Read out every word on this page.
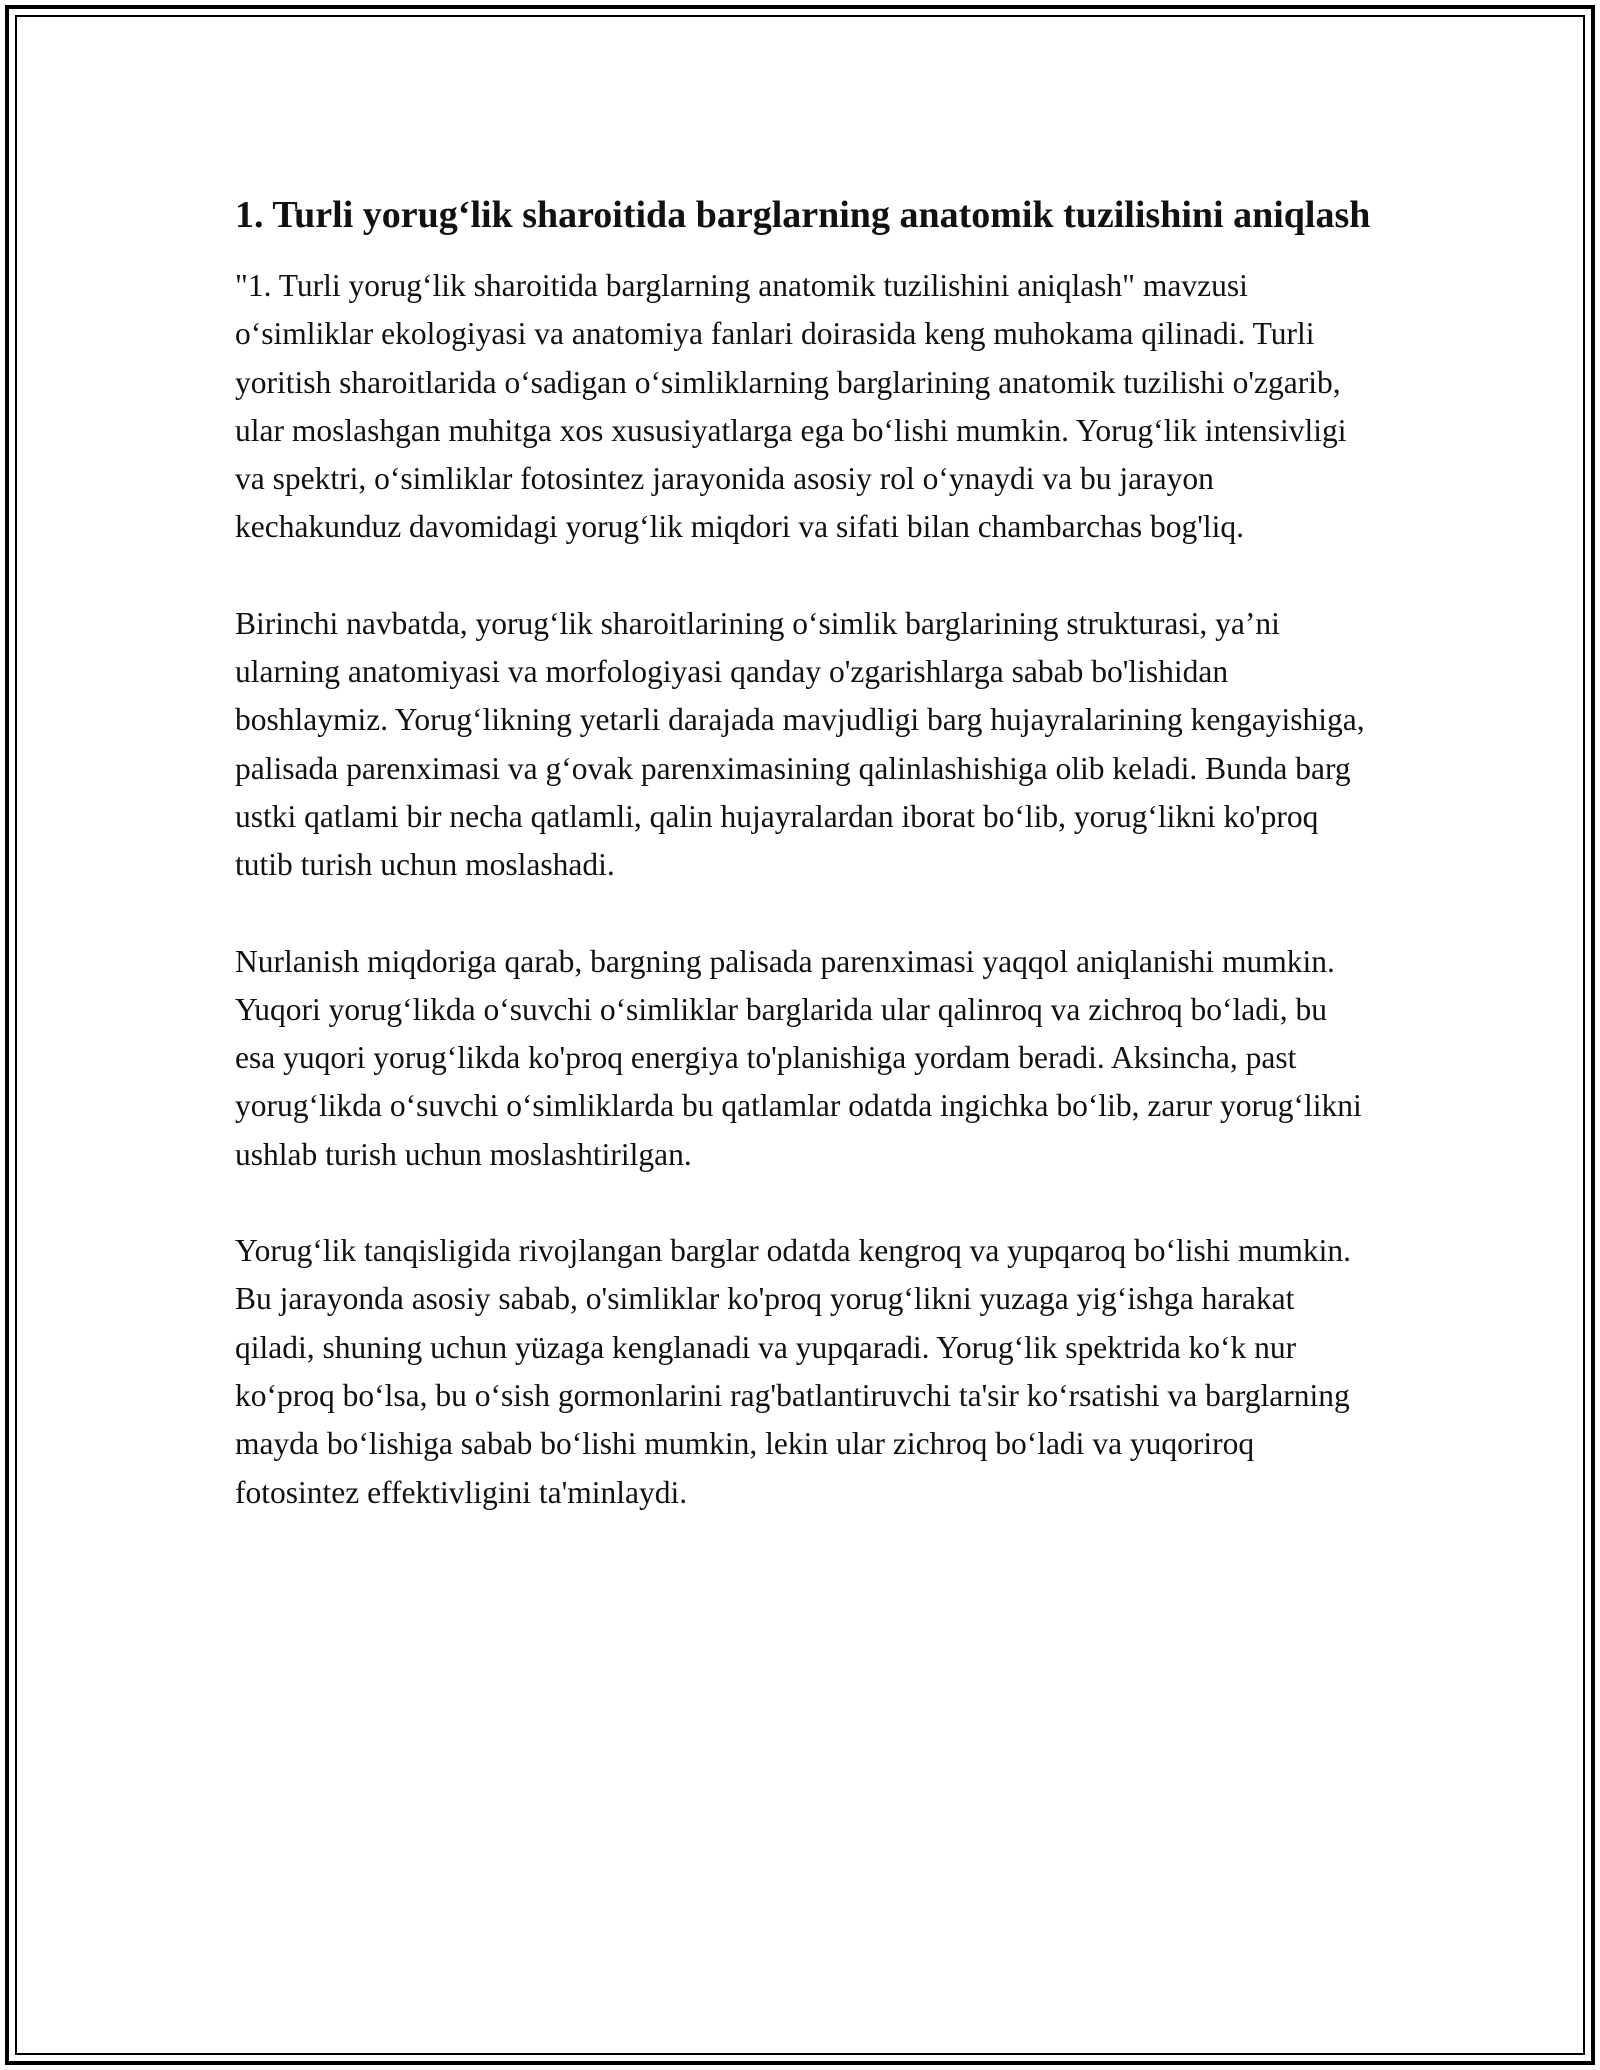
1. Turli yorug‘lik sharoitida barglarning anatomik tuzilishini aniqlash

"1. Turli yorug‘lik sharoitida barglarning anatomik tuzilishini aniqlash" mavzusi o‘simliklar ekologiyasi va anatomiya fanlari doirasida keng muhokama qilinadi. Turli yoritish sharoitlarida o‘sadigan o‘simliklarning barglarining anatomik tuzilishi o'zgarib, ular moslashgan muhitga xos xususiyatlarga ega bo‘lishi mumkin. Yorug‘lik intensivligi va spektri, o‘simliklar fotosintez jarayonida asosiy rol o‘ynaydi va bu jarayon kechakunduz davomidagi yorug‘lik miqdori va sifati bilan chambarchas bog'liq.

Birinchi navbatda, yorug‘lik sharoitlarining o‘simlik barglarining strukturasi, ya’ni ularning anatomiyasi va morfologiyasi qanday o'zgarishlarga sabab bo'lishidan boshlaymiz. Yorug‘likning yetarli darajada mavjudligi barg hujayralarining kengayishiga, palisada parenximasi va g‘ovak parenximasining qalinlashishiga olib keladi. Bunda barg ustki qatlami bir necha qatlamli, qalin hujayralardan iborat bo‘lib, yorug‘likni ko'proq tutib turish uchun moslashadi.

Nurlanish miqdoriga qarab, bargning palisada parenximasi yaqqol aniqlanishi mumkin. Yuqori yorug‘likda o‘suvchi o‘simliklar barglarida ular qalinroq va zichroq bo‘ladi, bu esa yuqori yorug‘likda ko'proq energiya to'planishiga yordam beradi. Aksincha, past yorug‘likda o‘suvchi o‘simliklarda bu qatlamlar odatda ingichka bo‘lib, zarur yorug‘likni ushlab turish uchun moslashtirilgan.

Yorug‘lik tanqisligida rivojlangan barglar odatda kengroq va yupqaroq bo‘lishi mumkin. Bu jarayonda asosiy sabab, o'simliklar ko'proq yorug‘likni yuzaga yig‘ishga harakat qiladi, shuning uchun yüzaga kenglanadi va yupqaradi. Yorug‘lik spektrida ko‘k nur ko‘proq bo‘lsa, bu o‘sish gormonlarini rag'batlantiruvchi ta'sir ko‘rsatishi va barglarning mayda bo‘lishiga sabab bo‘lishi mumkin, lekin ular zichroq bo‘ladi va yuqoriroq fotosintez effektivligini ta'minlaydi.
